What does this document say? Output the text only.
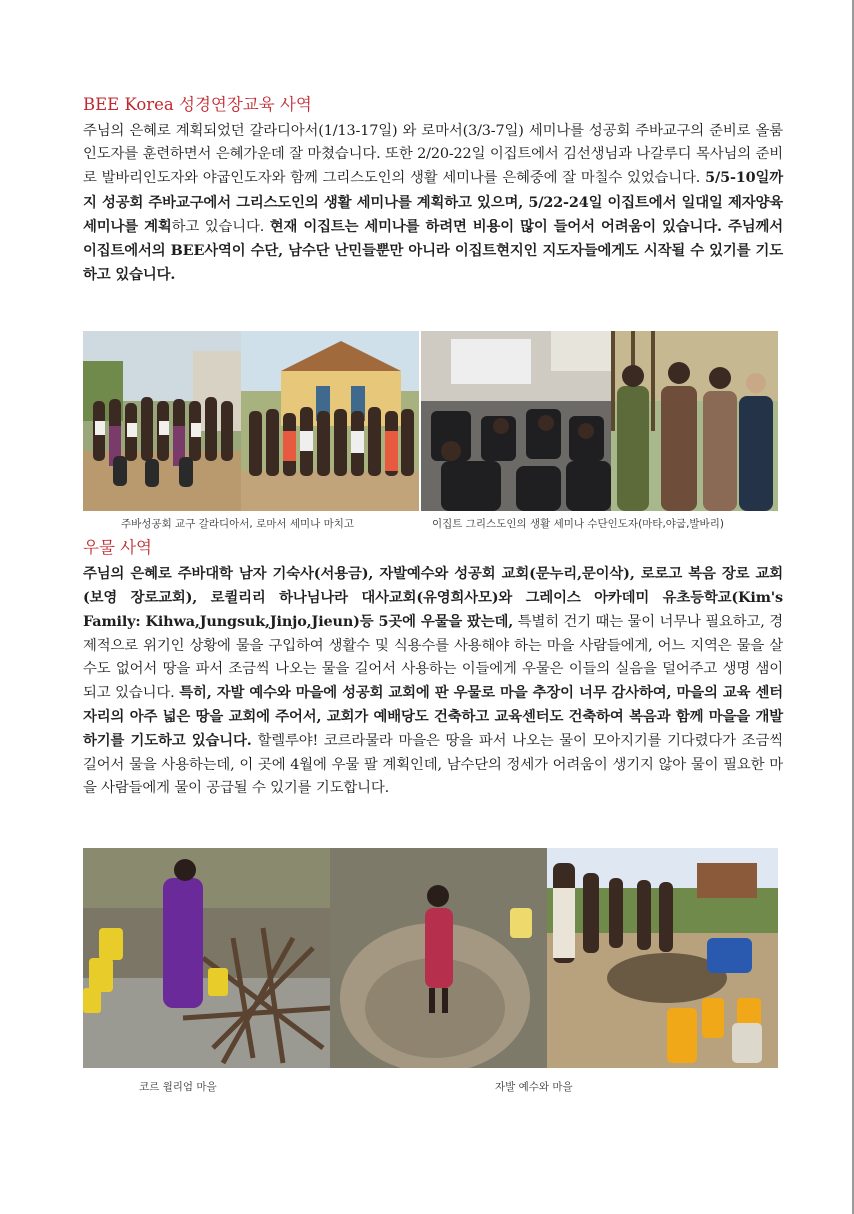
BEE Korea 성경연장교육 사역
주님의 은혜로 계획되었던 갈라디아서(1/13-17일) 와 로마서(3/3-7일) 세미나를 성공회 주바교구의 준비로 올룸인도자를 훈련하면서 은혜가운데 잘 마쳤습니다. 또한 2/20-22일 이집트에서 김선생님과 나갈루디 목사님의 준비로 발바리인도자와 야굽인도자와 함께 그리스도인의 생활 세미나를 은혜중에 잘 마칠수 있었습니다. 5/5-10일까지 성공회 주바교구에서 그리스도인의 생활 세미나를 계획하고 있으며, 5/22-24일 이집트에서 일대일 제자양육 세미나를 계획하고 있습니다. 현재 이집트는 세미나를 하려면 비용이 많이 들어서 어려움이 있습니다. 주님께서 이집트에서의 BEE사역이 수단, 남수단 난민들뿐만 아니라 이집트현지인 지도자들에게도 시작될 수 있기를 기도하고 있습니다.
주바성공회 교구 갈라디아서, 로마서 세미나 마치고	이집트 그리스도인의 생활 세미나 수단인도자(마타,야굽,발바리)
우물 사역
주님의 은혜로 주바대학 남자 기숙사(서용금), 자발예수와 성공회 교회(문누리,문이삭), 로로고 복음 장로 교회(보영 장로교회), 로퀼리리 하나님나라 대사교회(유영희사모)와 그레이스 아카데미 유초등학교(Kim's Family: Kihwa,Jungsuk,Jinjo,Jieun)등 5곳에 우물을 팠는데, 특별히 건기 때는 물이 너무나 필요하고, 경제적으로 위기인 상황에 물을 구입하여 생활수 및 식용수를 사용해야 하는 마을 사람들에게, 어느 지역은 물을 살 수도 없어서 땅을 파서 조금씩 나오는 물을 길어서 사용하는 이들에게 우물은 이들의 실음을 덜어주고 생명 샘이 되고 있습니다. 특히, 자발 예수와 마을에 성공회 교회에 판 우물로 마을 추장이 너무 감사하여, 마을의 교육 센터 자리의 아주 넓은 땅을 교회에 주어서, 교회가 예배당도 건축하고 교육센터도 건축하여 복음과 함께 마을을 개발하기를 기도하고 있습니다. 할렐루야! 코르라물라 마을은 땅을 파서 나오는 물이 모아지기를 기다렸다가 조금씩 길어서 물을 사용하는데, 이 곳에 4월에 우물 팔 계획인데, 남수단의 정세가 어려움이 생기지 않아 물이 필요한 마을 사람들에게 물이 공급될 수 있기를 기도합니다.
코르 윌리엄 마을	자발 예수와 마을
